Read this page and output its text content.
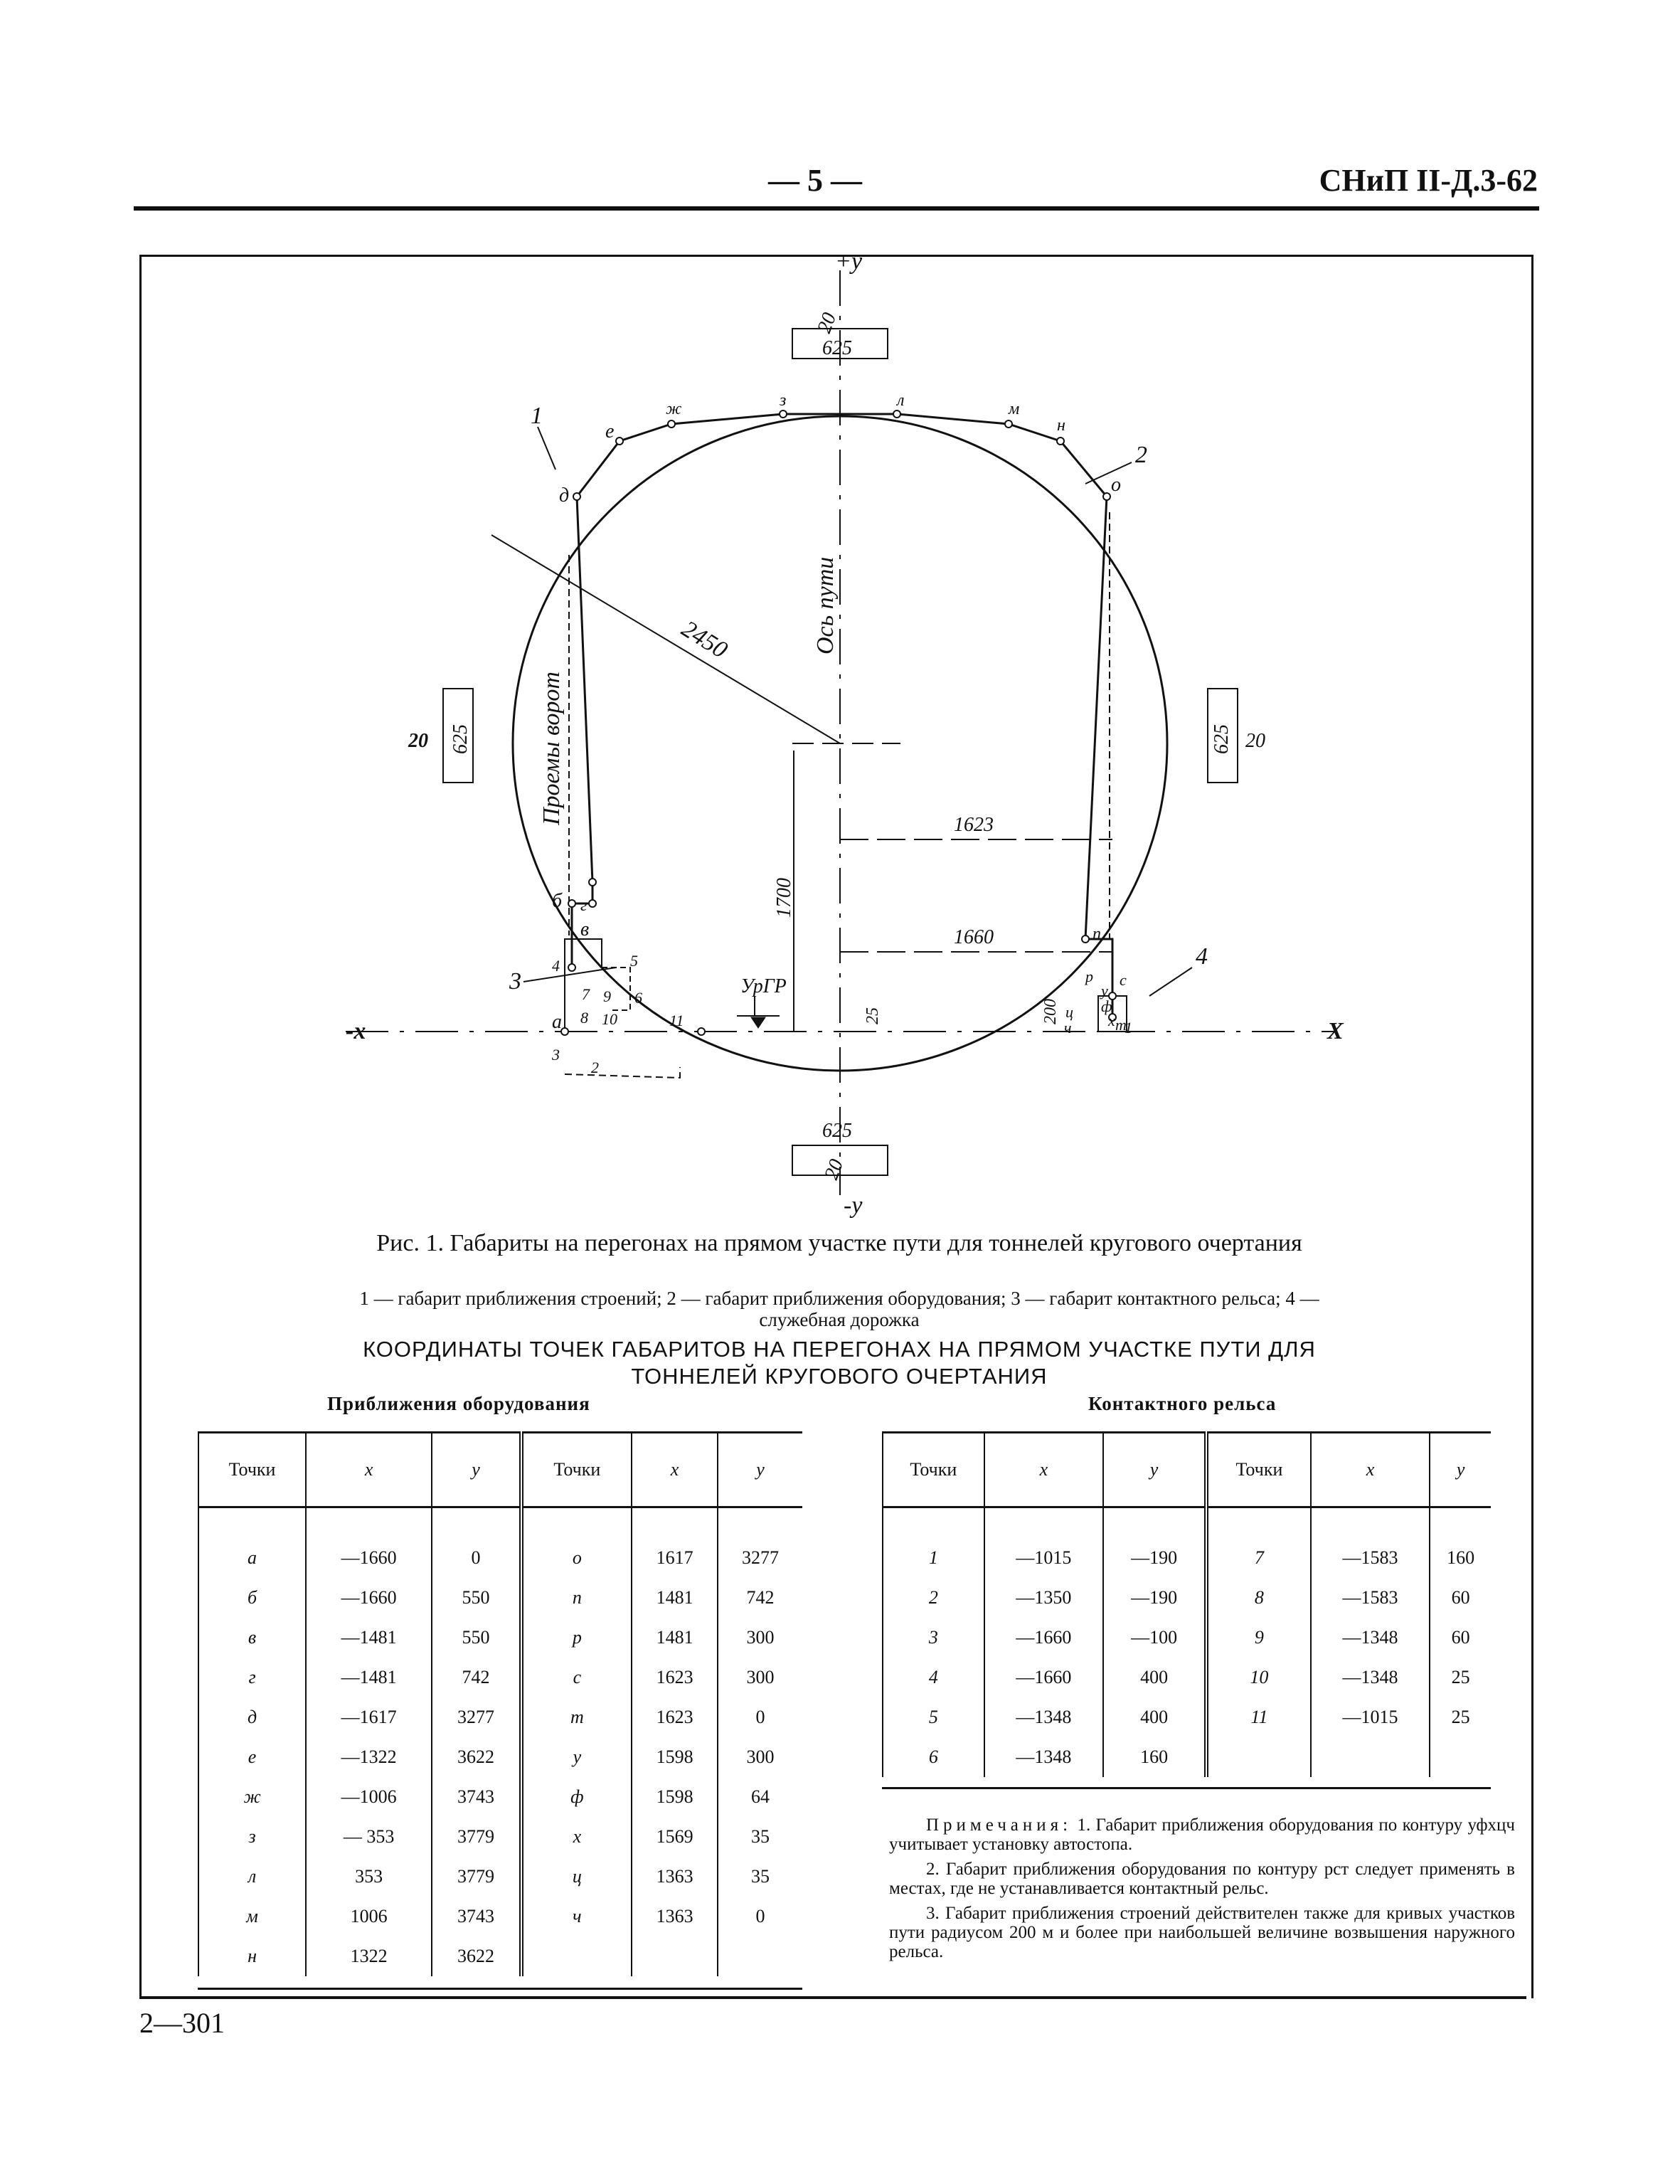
— 5 —	СНиП II-Д.3-62
+y
-y
-x	X
Ось пути
Проемы ворот
УрГР
2450
625
625
625	625
20
20
20	20
1700
1623
1660
200
25
1
2
3
4
а
б
в
г
д
е
ж	з	л	м
н
о
п
р с
т
у
ф
х
ц
ч	1
2
3
4	5
6
7
8
9
10	11
Рис. 1. Габариты на перегонах на прямом участке пути для тоннелей кругового очертания
1 — габарит приближения строений; 2 — габарит приближения оборудования; 3 — габарит контактного рельса; 4 — служебная дорожка
КООРДИНАТЫ ТОЧЕК ГАБАРИТОВ НА ПЕРЕГОНАХ НА ПРЯМОМ УЧАСТКЕ ПУТИ ДЛЯ ТОННЕЛЕЙ КРУГОВОГО ОЧЕРТАНИЯ
Приближения оборудования	Контактного рельса
Точки	x	y	Точки	x	y

а	—1660	0	о	1617	3277
б	—1660	550	п	1481	742
в	—1481	550	р	1481	300
г	—1481	742	с	1623	300
д	—1617	3277	т	1623	0
е	—1322	3622	у	1598	300
ж	—1006	3743	ф	1598	64
з	— 353	3779	х	1569	35
л	353	3779	ц	1363	35
м	1006	3743	ч	1363	0
н	1322	3622			
Точки	x	y	Точки	x	y

1	—1015	—190	7	—1583	160
2	—1350	—190	8	—1583	60
3	—1660	—100	9	—1348	60
4	—1660	400	10	—1348	25
5	—1348	400	11	—1015	25
6	—1348	160			

Примечания: 1. Габарит приближения оборудования по контуру уфхцч учитывает установку автостопа.

2. Габарит приближения оборудования по контуру рст следует применять в местах, где не устанавливается контактный рельс.

3. Габарит приближения строений действителен также для кривых участков пути радиусом 200 м и более при наибольшей величине возвышения наружного рельса.

2—301
